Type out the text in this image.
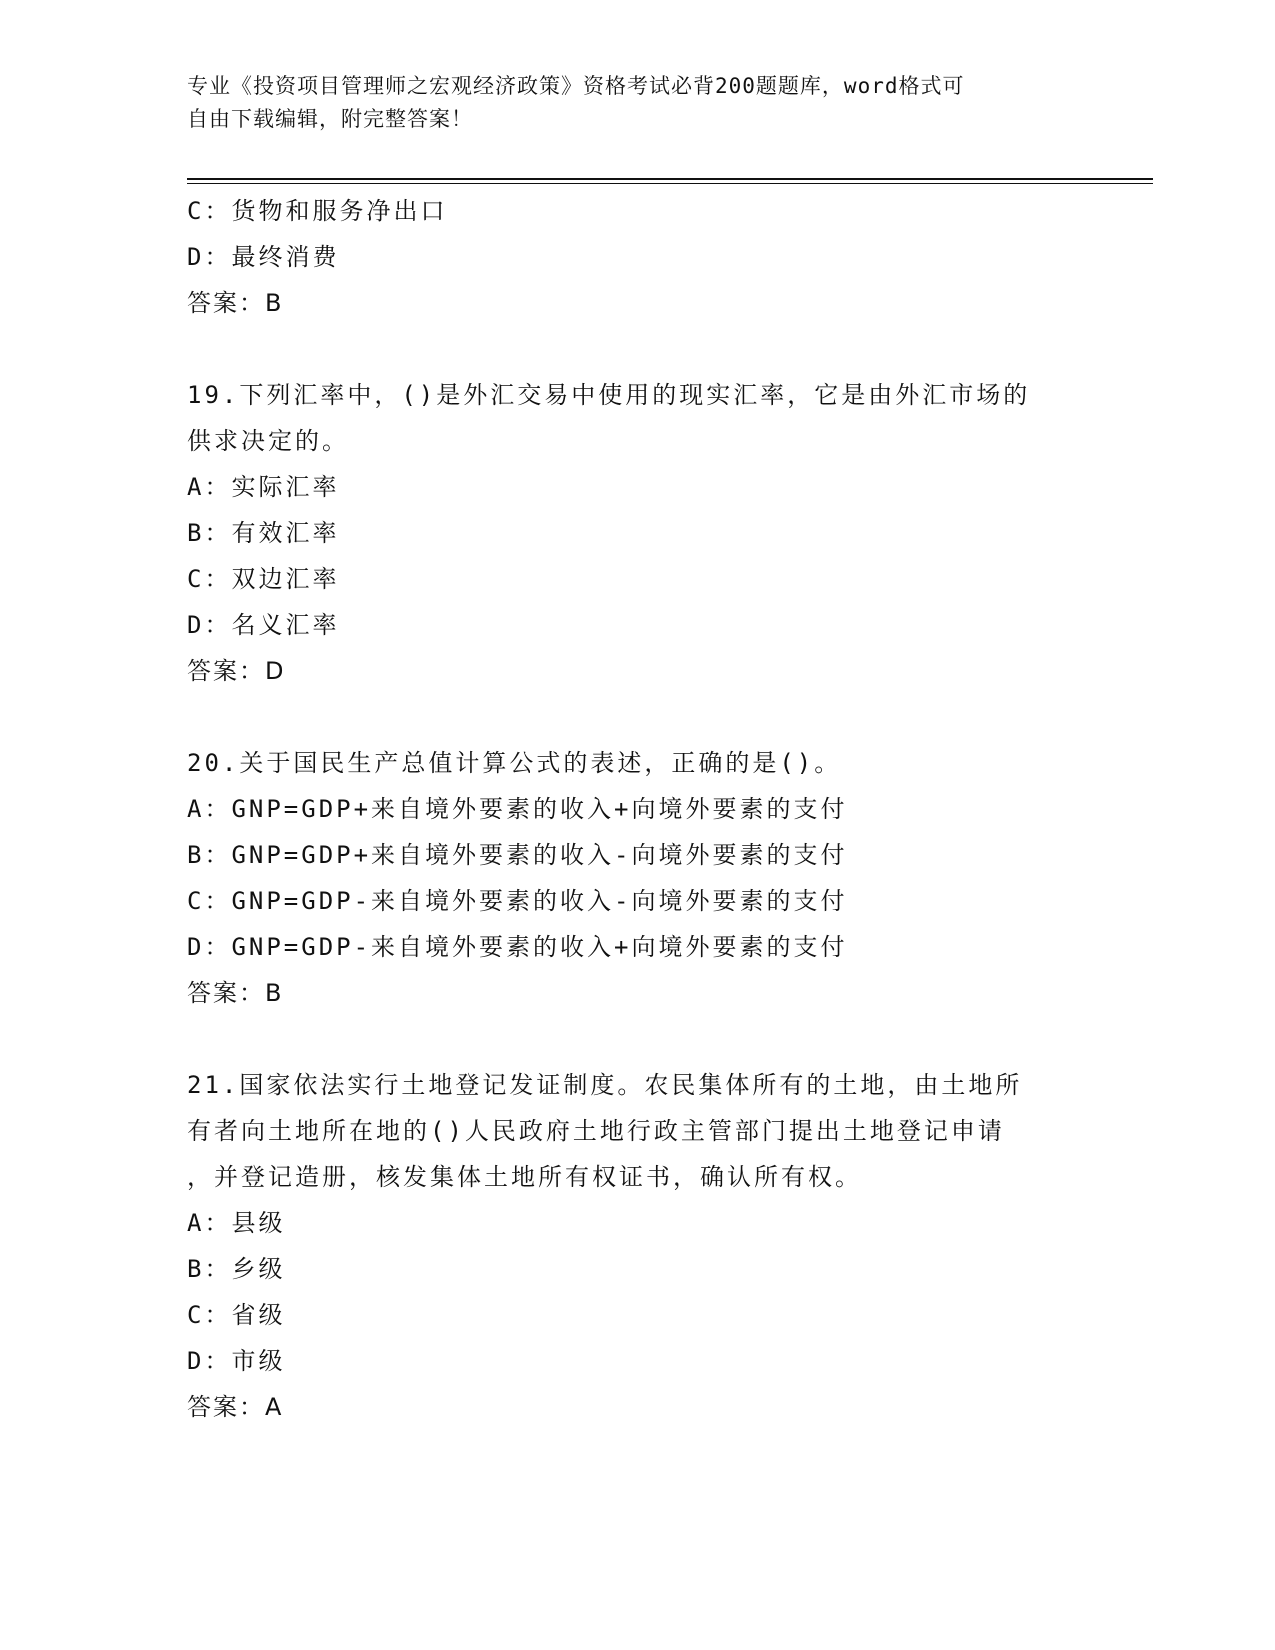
专业《投资项目管理师之宏观经济政策》资格考试必背200题题库，word格式可
自由下载编辑，附完整答案！
C：货物和服务净出口
D：最终消费
答案：B
19.下列汇率中，()是外汇交易中使用的现实汇率，它是由外汇市场的
供求决定的。
A：实际汇率
B：有效汇率
C：双边汇率
D：名义汇率
答案：D
20.关于国民生产总值计算公式的表述，正确的是()。
A：GNP=GDP+来自境外要素的收入+向境外要素的支付
B：GNP=GDP+来自境外要素的收入-向境外要素的支付
C：GNP=GDP-来自境外要素的收入-向境外要素的支付
D：GNP=GDP-来自境外要素的收入+向境外要素的支付
答案：B
21.国家依法实行土地登记发证制度。农民集体所有的土地，由土地所
有者向土地所在地的()人民政府土地行政主管部门提出土地登记申请
，并登记造册，核发集体土地所有权证书，确认所有权。
A：县级
B：乡级
C：省级
D：市级
答案：A
